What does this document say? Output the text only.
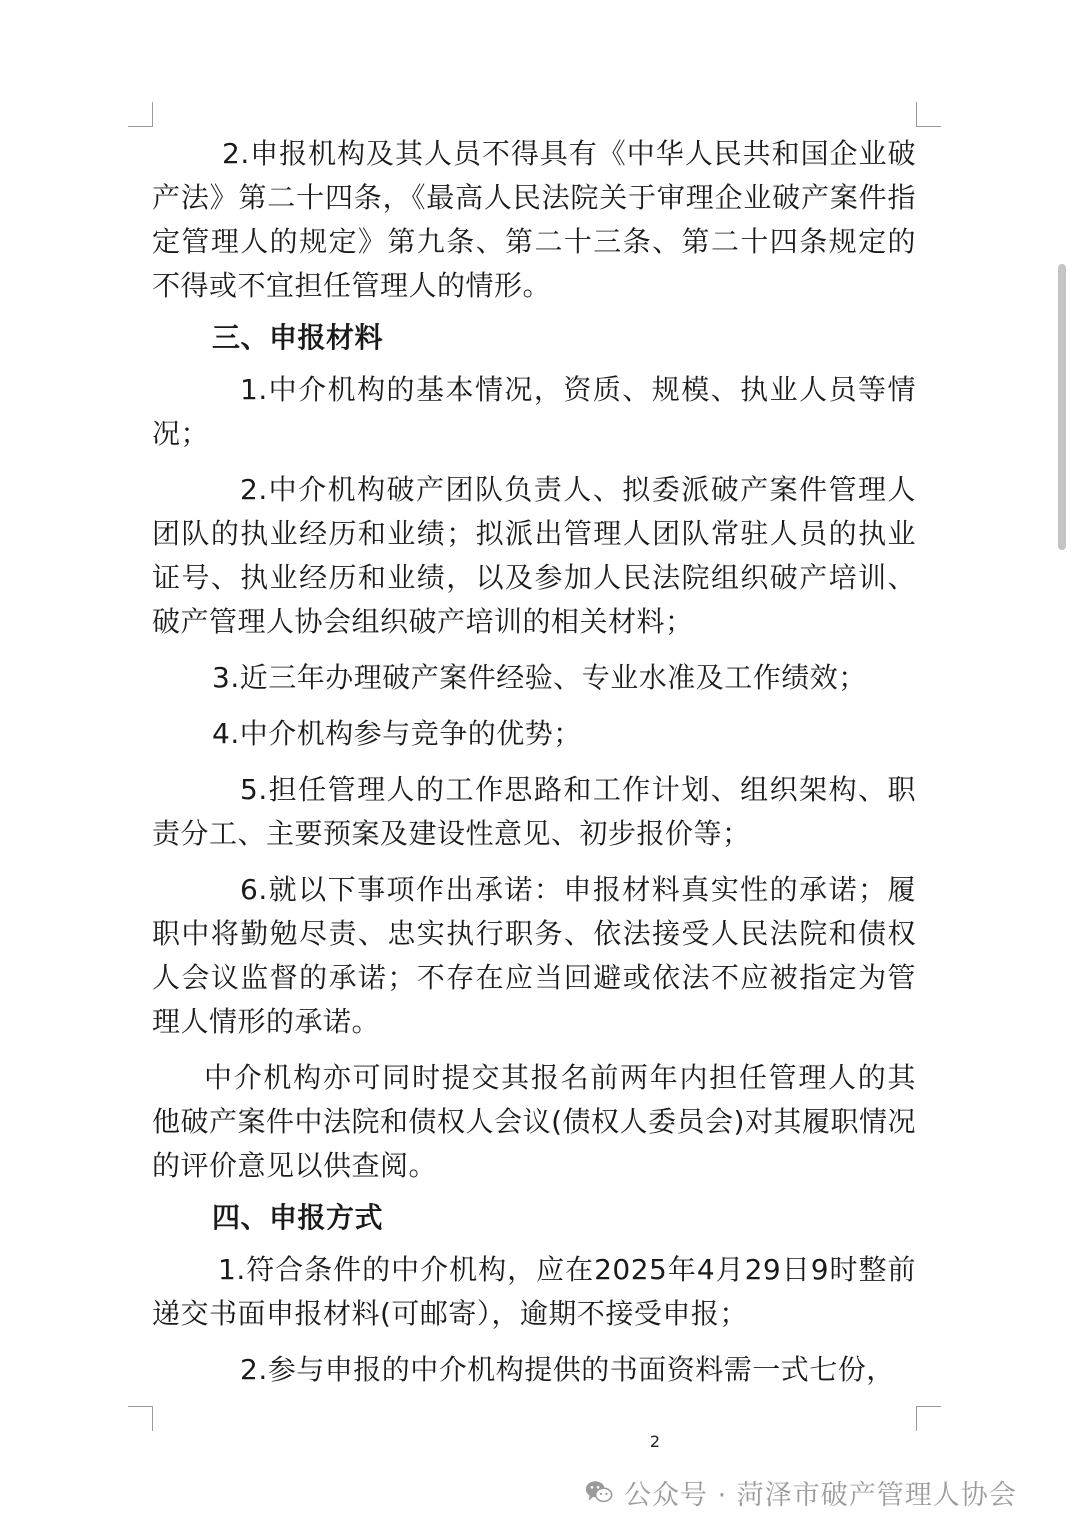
2.申报机构及其人员不得具有《中华人民共和国企业破产法》第二十四条，《最高人民法院关于审理企业破产案件指定管理人的规定》第九条、第二十三条、第二十四条规定的不得或不宜担任管理人的情形。

三、申报材料

1.中介机构的基本情况，资质、规模、执业人员等情况；

2.中介机构破产团队负责人、拟委派破产案件管理人团队的执业经历和业绩；拟派出管理人团队常驻人员的执业证号、执业经历和业绩，以及参加人民法院组织破产培训、破产管理人协会组织破产培训的相关材料；

3.近三年办理破产案件经验、专业水准及工作绩效；

4.中介机构参与竞争的优势；

5.担任管理人的工作思路和工作计划、组织架构、职责分工、主要预案及建设性意见、初步报价等；

6.就以下事项作出承诺：申报材料真实性的承诺；履职中将勤勉尽责、忠实执行职务、依法接受人民法院和债权人会议监督的承诺；不存在应当回避或依法不应被指定为管理人情形的承诺。

中介机构亦可同时提交其报名前两年内担任管理人的其他破产案件中法院和债权人会议(债权人委员会)对其履职情况的评价意见以供查阅。

四、申报方式

1.符合条件的中介机构，应在2025年4月29日9时整前递交书面申报材料(可邮寄），逾期不接受申报；

2.参与申报的中介机构提供的书面资料需一式七份，

2
公众号 · 菏泽市破产管理人协会
